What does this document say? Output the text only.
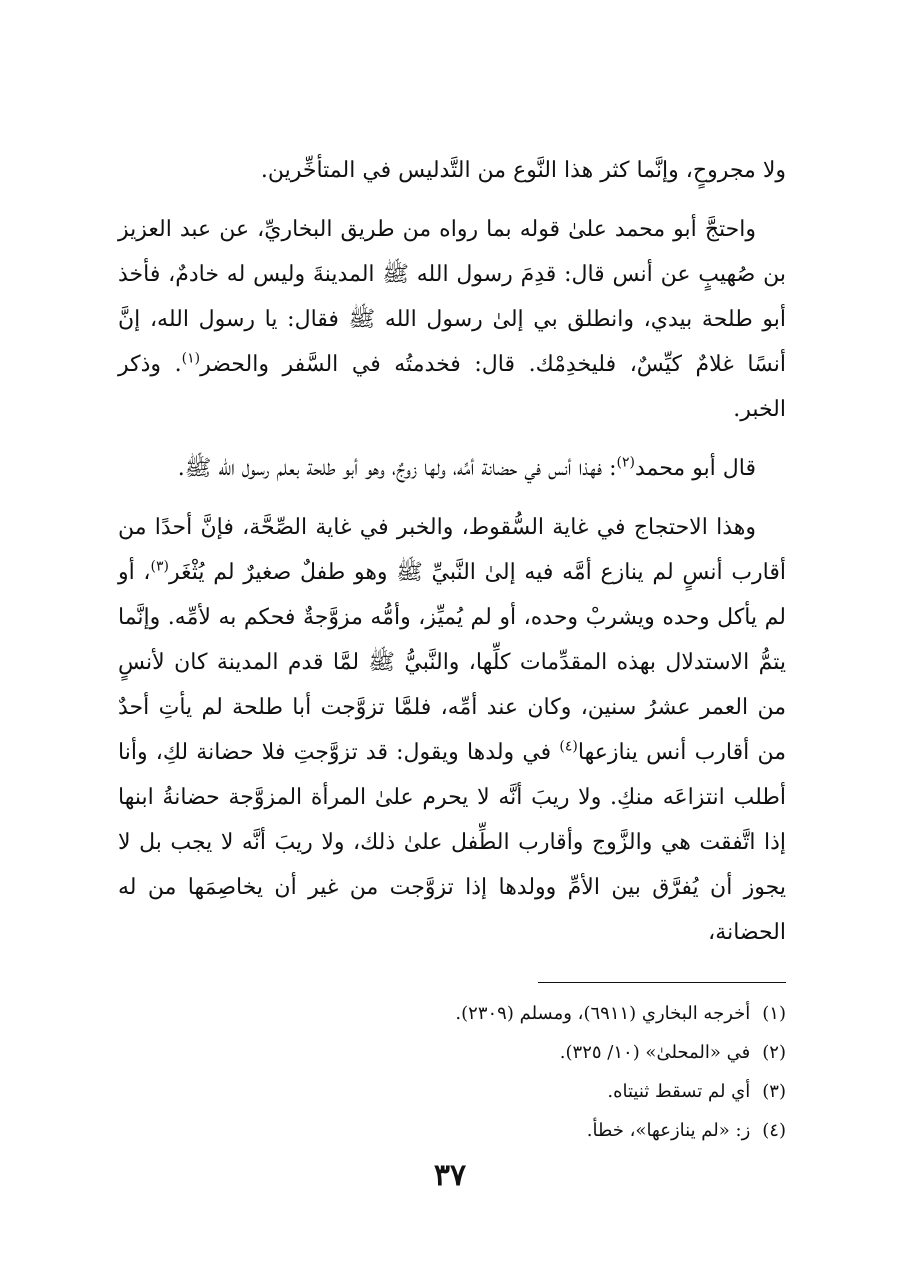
ولا مجروحٍ، وإنَّما كثر هذا النَّوع من التَّدليس في المتأخِّرين.

واحتجَّ أبو محمد علىٰ قوله بما رواه من طريق البخاريِّ، عن عبد العزيز بن صُهيبٍ عن أنس قال: قدِمَ رسول الله ﷺ المدينةَ وليس له خادمٌ، فأخذ أبو طلحة بيدي، وانطلق بي إلىٰ رسول الله ﷺ فقال: يا رسول الله، إنَّ أنسًا غلامٌ كيِّسٌ، فليخدِمْك. قال: فخدمتُه في السَّفر والحضر$^{(١)}$. وذكر الخبر.

قال أبو محمد$^{(٢)}$: فهذا أنس في حضانة أمِّه، ولها زوجٌ، وهو أبو طلحة بعلم رسول الله ﷺ.

وهذا الاحتجاج في غاية السُّقوط، والخبر في غاية الصِّحَّة، فإنَّ أحدًا من أقارب أنسٍ لم ينازع أمَّه فيه إلىٰ النَّبيِّ ﷺ وهو طفلٌ صغيرٌ لم يُثْغَر$^{(٣)}$، أو لم يأكل وحده ويشربْ وحده، أو لم يُميِّز، وأمُّه مزوَّجةٌ فحكم به لأمِّه. وإنَّما يتمُّ الاستدلال بهذه المقدِّمات كلِّها، والنَّبيُّ ﷺ لمَّا قدم المدينة كان لأنسٍ من العمر عشرُ سنين، وكان عند أمِّه، فلمَّا تزوَّجت أبا طلحة لم يأتِ أحدٌ من أقارب أنس ينازعها$^{(٤)}$ في ولدها ويقول: قد تزوَّجتِ فلا حضانة لكِ، وأنا أطلب انتزاعَه منكِ. ولا ريبَ أنَّه لا يحرم علىٰ المرأة المزوَّجة حضانةُ ابنها إذا اتَّفقت هي والزَّوج وأقارب الطِّفل علىٰ ذلك، ولا ريبَ أنَّه لا يجب بل لا يجوز أن يُفرَّق بين الأمِّ وولدها إذا تزوَّجت من غير أن يخاصِمَها من له الحضانة،

(١) أخرجه البخاري (٦٩١١)، ومسلم (٢٣٠٩).
(٢) في «المحلىٰ» (١٠/ ٣٢٥).
(٣) أي لم تسقط ثنيتاه.
(٤) ز: «لم ينازعها»، خطأ.
٣٧
